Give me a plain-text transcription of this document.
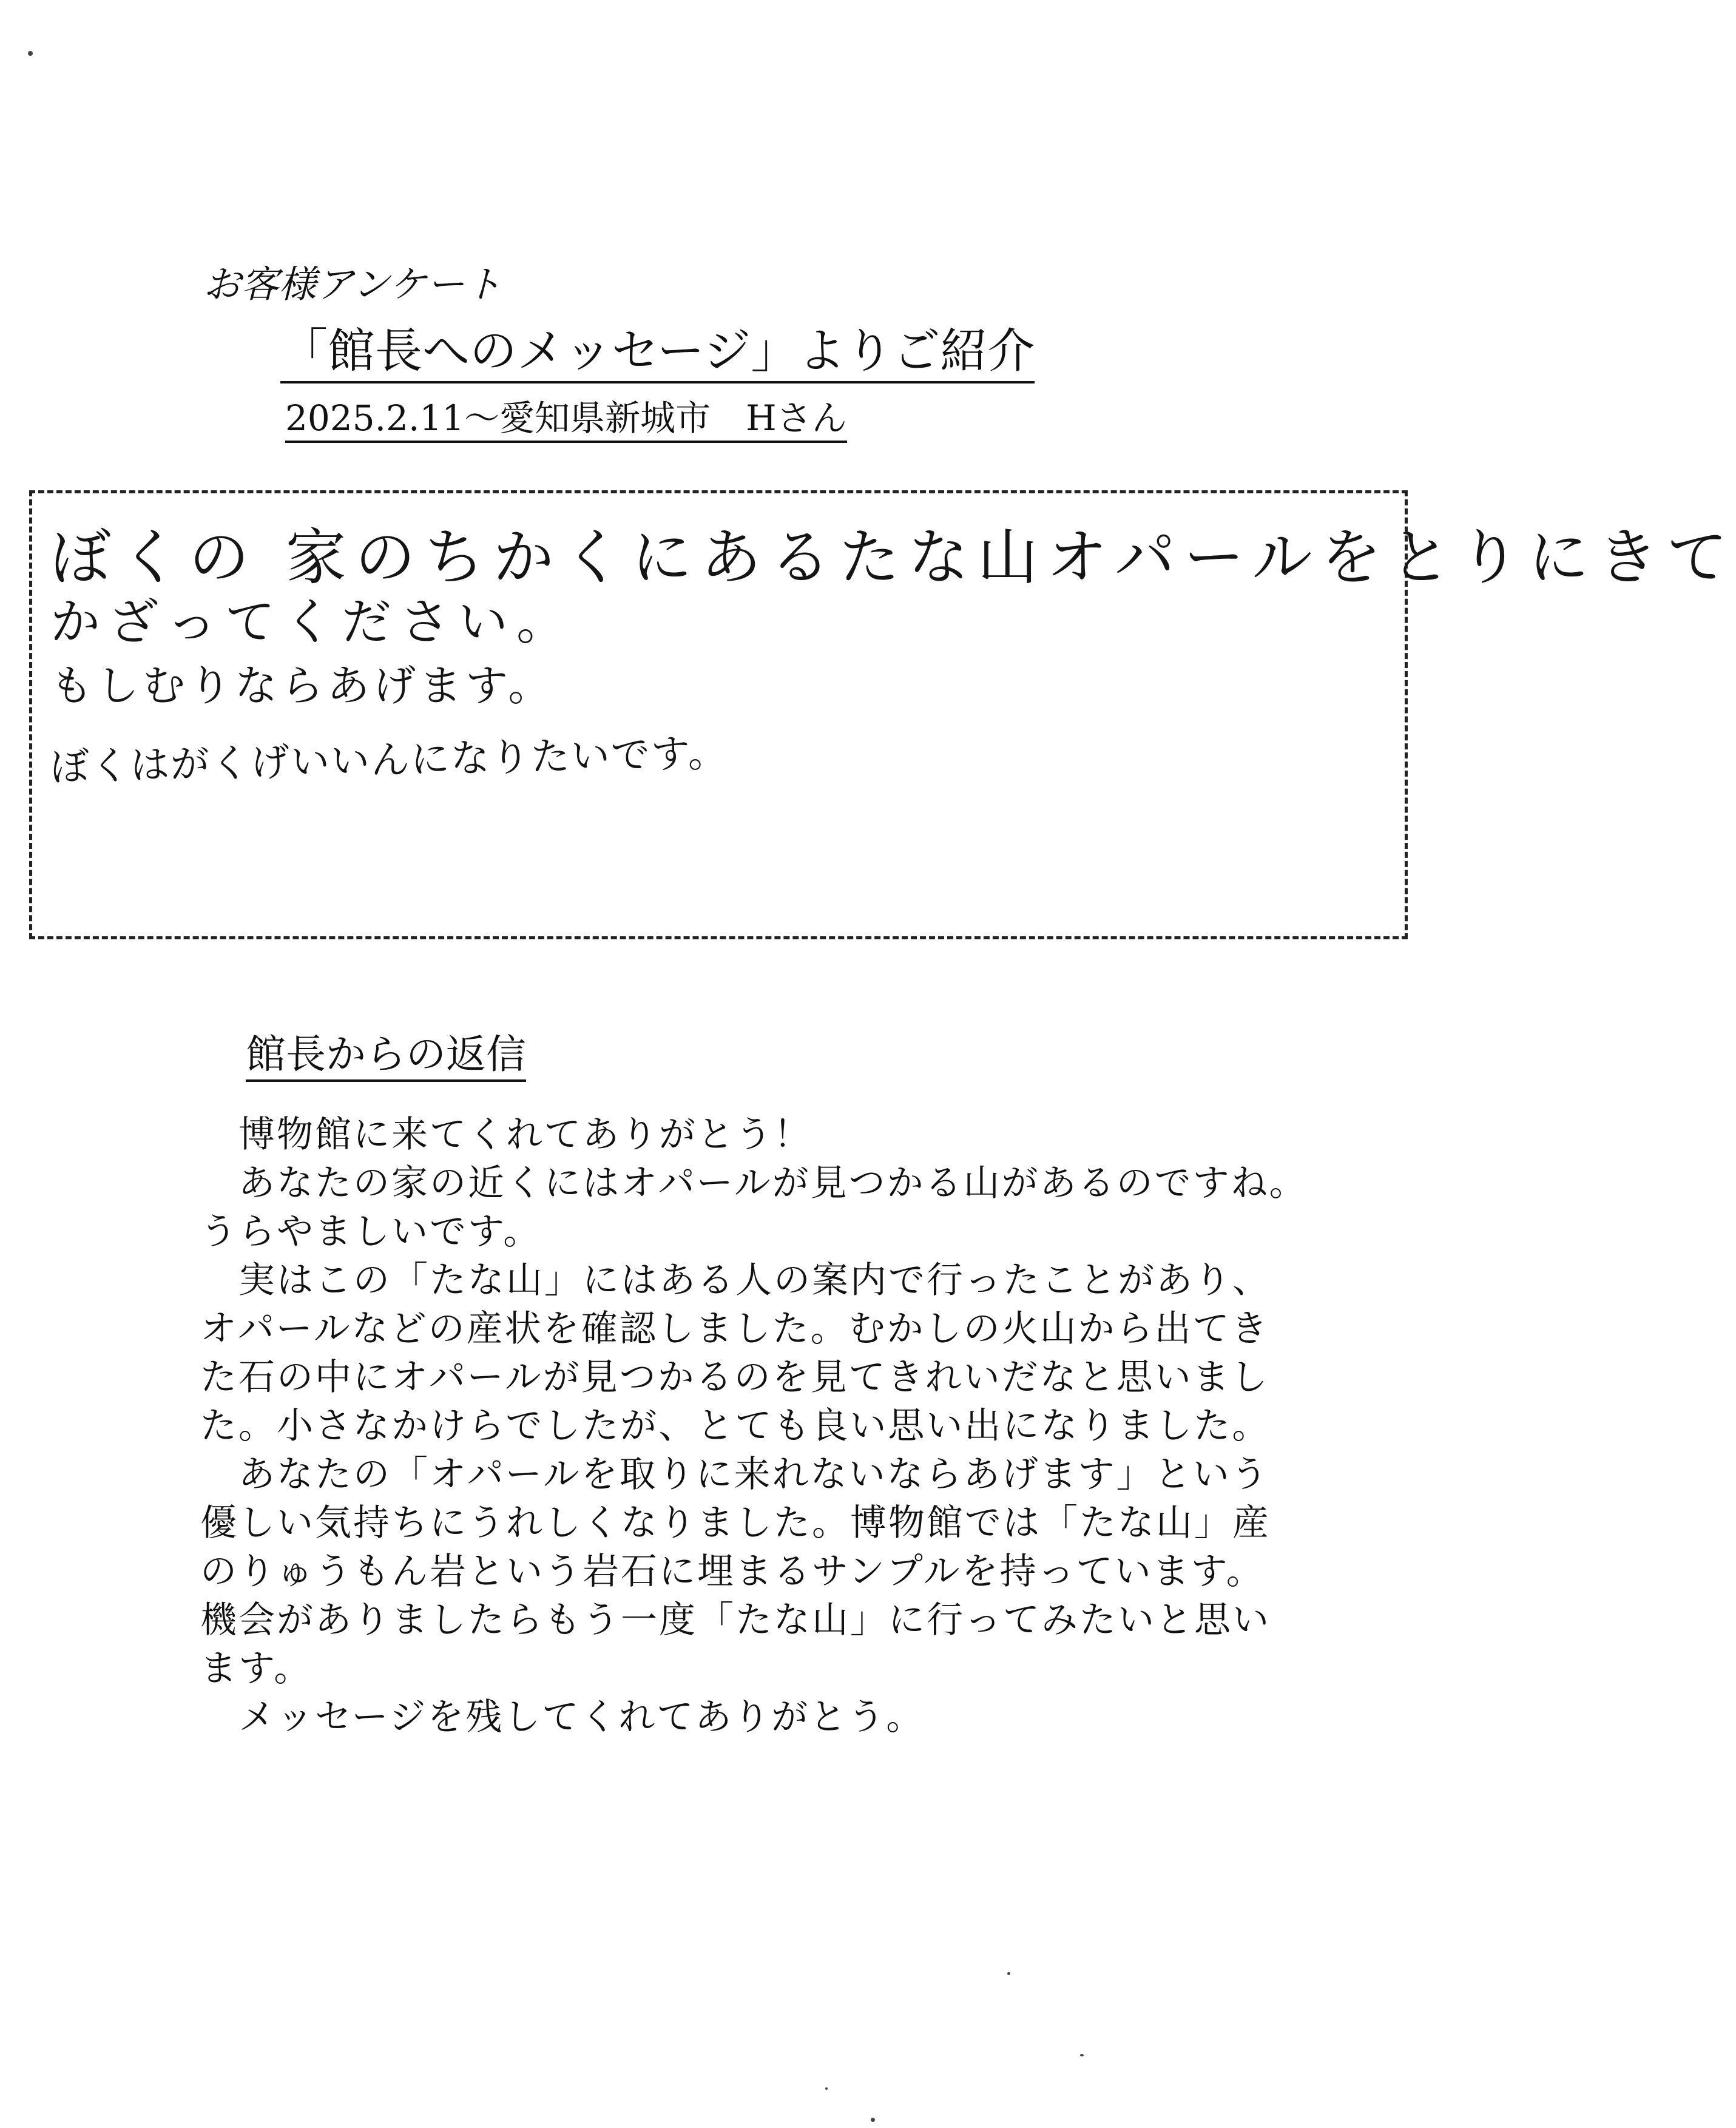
お客様アンケート
「館長へのメッセージ」よりご紹介
2025.2.11～愛知県新城市　Hさん
ぼくの 家のちかくにあるたな山オパールをとりにきて
かざってください。
もしむりならあげます。
ぼくはがくげいいんになりたいです。
館長からの返信
　博物館に来てくれてありがとう！
　あなたの家の近くにはオパールが見つかる山があるのですね。
うらやましいです。
　実はこの「たな山」にはある人の案内で行ったことがあり、
オパールなどの産状を確認しました。むかしの火山から出てき
た石の中にオパールが見つかるのを見てきれいだなと思いまし
た。小さなかけらでしたが、とても良い思い出になりました。
　あなたの「オパールを取りに来れないならあげます」という
優しい気持ちにうれしくなりました。博物館では「たな山」産
のりゅうもん岩という岩石に埋まるサンプルを持っています。
機会がありましたらもう一度「たな山」に行ってみたいと思い
ます。
　メッセージを残してくれてありがとう。
